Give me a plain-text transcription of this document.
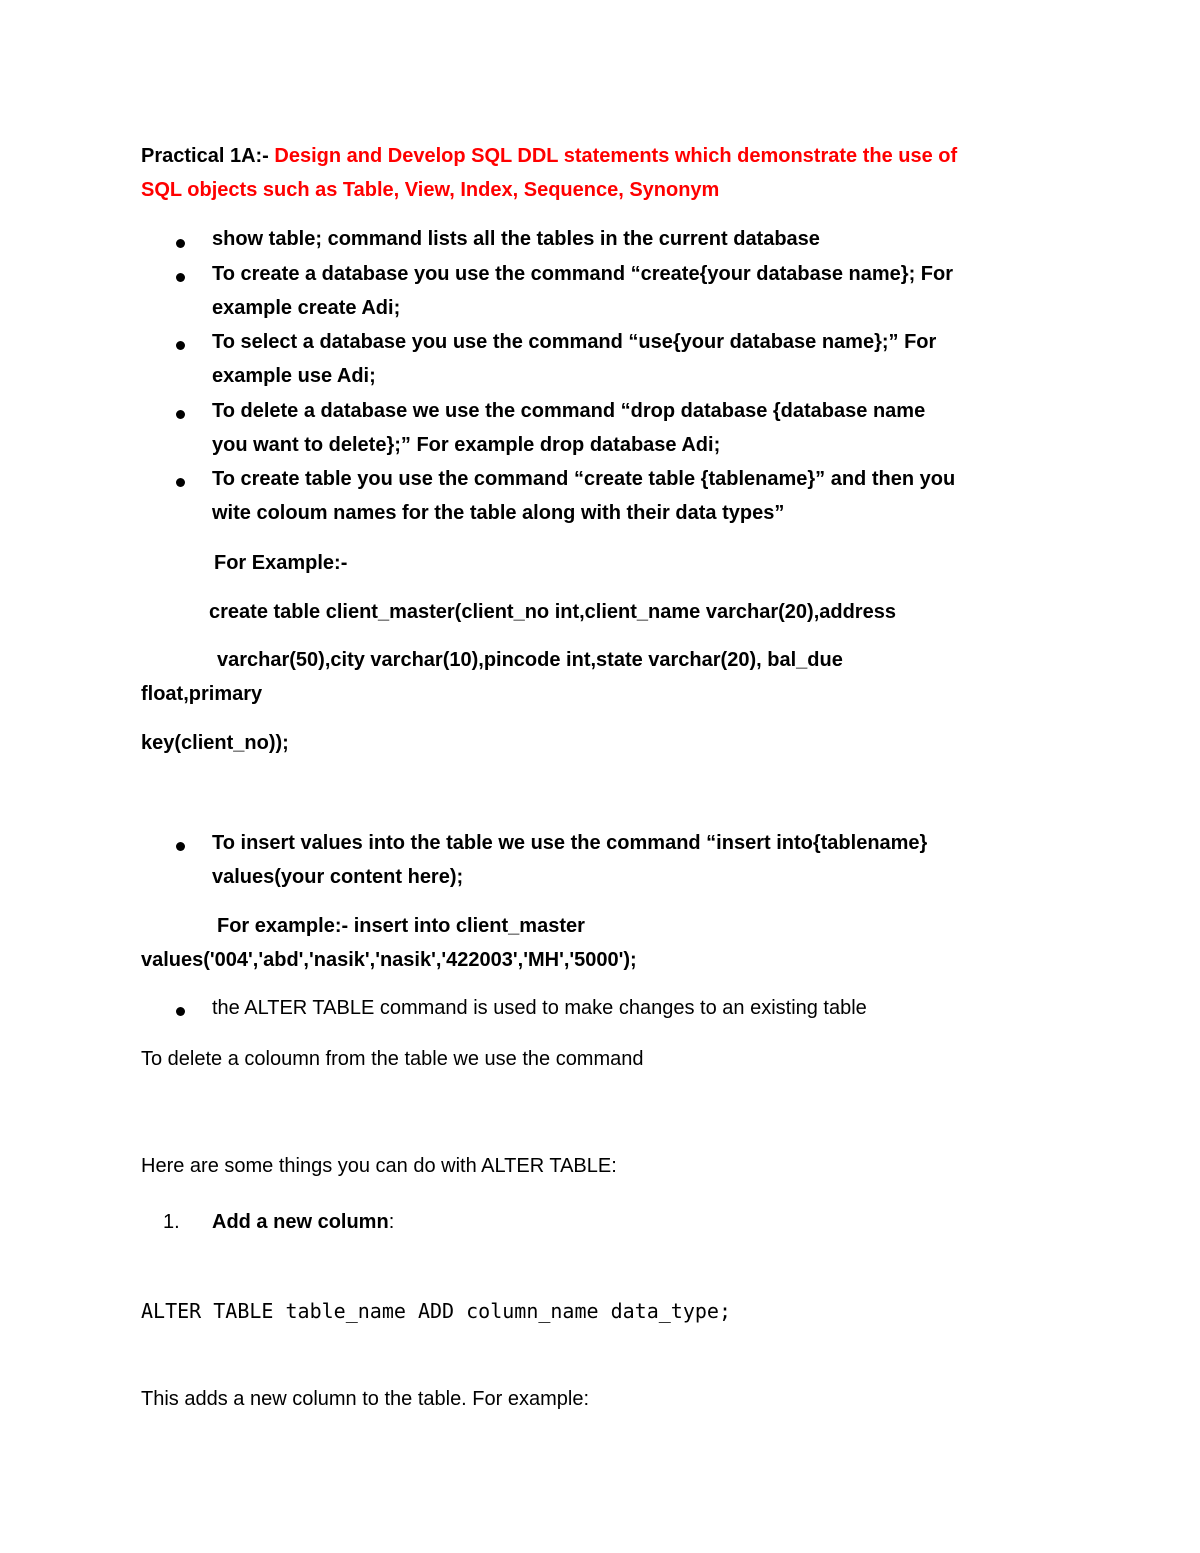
Practical 1A:- Design and Develop SQL DDL statements which demonstrate the use of
SQL objects such as Table, View, Index, Sequence, Synonym
show table; command lists all the tables in the current database
To create a database you use the command “create{your database name}; For
example create Adi;
To select a database you use the command “use{your database name};” For
example use Adi;
To delete a database we use the command “drop database {database name
you want to delete};” For example drop database Adi;
To create table you use the command “create table {tablename}” and then you
wite coloum names for the table along with their data types”
For Example:-
create table client_master(client_no int,client_name varchar(20),address
varchar(50),city varchar(10),pincode int,state varchar(20), bal_due
float,primary
key(client_no));
To insert values into the table we use the command “insert into{tablename}
values(your content here);
For example:- insert into client_master
values('004','abd','nasik','nasik','422003','MH','5000');
the ALTER TABLE command is used to make changes to an existing table
To delete a coloumn from the table we use the command
Here are some things you can do with ALTER TABLE:
1. Add a new column:
ALTER TABLE table_name ADD column_name data_type;
This adds a new column to the table. For example:
